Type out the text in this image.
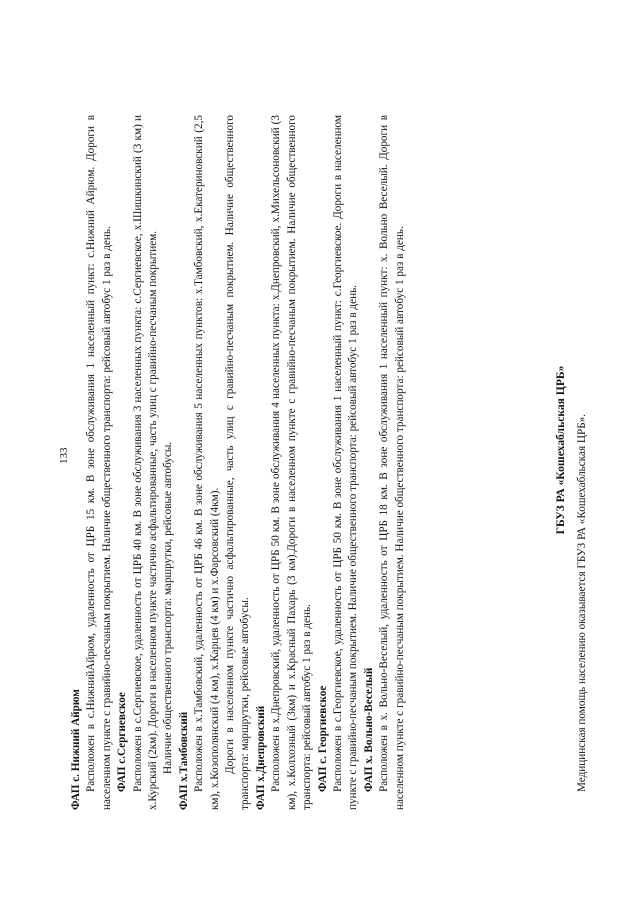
133

ФАП с. Нижний Айрюм Расположен в с.НижнийАйрюм, удаленность от ЦРБ 15 км. В зоне обслуживания 1 населенный пункт: с.Нижний Айрюм. Дороги в населенном пункте с гравийно-песчаным покрытием. Наличие общественного транспорта: рейсовый автобус 1 раз в день. ФАП с.Сергиевское Расположен в с.Сергиевское, удаленность от ЦРБ 40 км. В зоне обслуживания 3 населенных пункта: с.Сергиевское, х.Шишкинский (3 км) и х.Курский (2км). Дороги в населенном пункте частично асфальтированные, часть улиц с гравийно-песчаным покрытием. Наличие общественного транспорта: маршрутки, рейсовые автобусы. ФАП х.Тамбовский Расположен в х.Тамбовский, удаленность от ЦРБ 46 км. В зоне обслуживания 5 населенных пунктов: х.Тамбовский, х.Екатериновский (2,5 км), х.Козополянский (4 км), х.Карцев (4 км) и х.Фарсовский (4км). Дороги в населенном пункте частично асфальтированные, часть улиц с гравийно-песчаным покрытием. Наличие общественного транспорта: маршрутки, рейсовые автобусы. ФАП х.Днепровский Расположен в х.Днепровский, удаленность от ЦРБ 50 км. В зоне обслуживания 4 населенных пункта: х.Днепровский, х.Михельсоновский (3 км), х.Колхозный (3км) и х.Красный Пахарь (3 км).Дороги в населенном пункте с гравийно-песчаным покрытием. Наличие общественного транспорта: рейсовый автобус 1 раз в день. ФАП с. Георгиевское Расположен в с.Георгиевское, удаленность от ЦРБ 50 км. В зоне обслуживания 1 населенный пункт: с.Георгиевское. Дороги в населенном пункте с гравийно-песчаным покрытием. Наличие общественного транспорта: рейсовый автобус 1 раз в день. ФАП х. Вольно-Веселый Расположен в х. Вольно-Веселый, удаленность от ЦРБ 18 км. В зоне обслуживания 1 населенный пункт: х. Вольно Веселый. Дороги в населенном пункте с гравийно-песчаным покрытием. Наличие общественного транспорта: рейсовый автобус 1 раз в день.	ГБУЗ РА «Кошехабльская ЦРБ» Медицинская помощь населению оказывается ГБУЗ РА «Кошехабльская ЦРБ».
